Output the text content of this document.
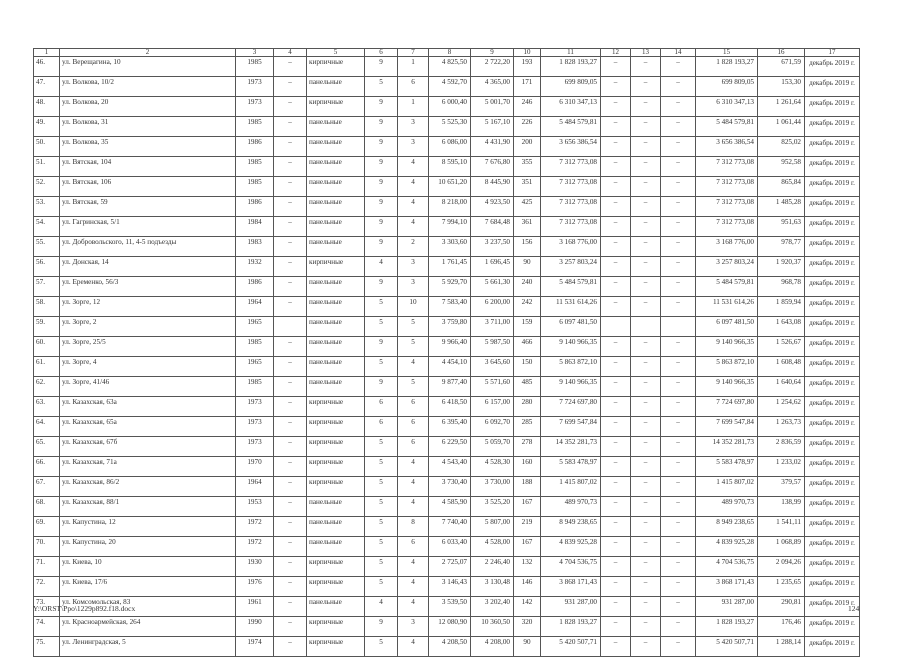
1	2	3	4	5	6	7	8	9	10	11	12	13	14	15	16	17
46.	ул. Верещагина, 10	1985	–	кирпичные	9	1	4 825,50	2 722,20	193	1 828 193,27	–	–	–	1 828 193,27	671,59	декабрь 2019 г.
47.	ул. Волкова, 10/2	1973	–	панельные	5	6	4 592,70	4 365,00	171	699 809,05	–	–	–	699 809,05	153,30	декабрь 2019 г.
48.	ул. Волкова, 20	1973	–	кирпичные	9	1	6 000,40	5 001,70	246	6 310 347,13	–	–	–	6 310 347,13	1 261,64	декабрь 2019 г.
49.	ул. Волкова, 31	1985	–	панельные	9	3	5 525,30	5 167,10	226	5 484 579,81	–	–	–	5 484 579,81	1 061,44	декабрь 2019 г.
50.	ул. Волкова, 35	1986	–	панельные	9	3	6 086,00	4 431,90	200	3 656 386,54	–	–	–	3 656 386,54	825,02	декабрь 2019 г.
51.	ул. Вятская, 104	1985	–	панельные	9	4	8 595,10	7 676,80	355	7 312 773,08	–	–	–	7 312 773,08	952,58	декабрь 2019 г.
52.	ул. Вятская, 106	1985	–	панельные	9	4	10 651,20	8 445,90	351	7 312 773,08	–	–	–	7 312 773,08	865,84	декабрь 2019 г.
53.	ул. Вятская, 59	1986	–	панельные	9	4	8 218,00	4 923,50	425	7 312 773,08	–	–	–	7 312 773,08	1 485,28	декабрь 2019 г.
54.	ул. Гагринская, 5/1	1984	–	панельные	9	4	7 994,10	7 684,48	361	7 312 773,08	–	–	–	7 312 773,08	951,63	декабрь 2019 г.
55.	ул. Добровольского, 11, 4-5 подъезды	1983	–	панельные	9	2	3 303,60	3 237,50	156	3 168 776,00	–	–	–	3 168 776,00	978,77	декабрь 2019 г.
56.	ул. Донская, 14	1932	–	кирпичные	4	3	1 761,45	1 696,45	90	3 257 803,24	–	–	–	3 257 803,24	1 920,37	декабрь 2019 г.
57.	ул. Еременко, 56/3	1986	–	панельные	9	3	5 929,70	5 661,30	240	5 484 579,81	–	–	–	5 484 579,81	968,78	декабрь 2019 г.
58.	ул. Зорге, 12	1964	–	панельные	5	10	7 583,40	6 200,00	242	11 531 614,26	–	–	–	11 531 614,26	1 859,94	декабрь 2019 г.
59.	ул. Зорге, 2	1965		панельные	5	5	3 759,80	3 711,00	159	6 097 481,50				6 097 481,50	1 643,08	декабрь 2019 г.
60.	ул. Зорге, 25/5	1985	–	панельные	9	5	9 966,40	5 987,50	466	9 140 966,35	–	–	–	9 140 966,35	1 526,67	декабрь 2019 г.
61.	ул. Зорге, 4	1965	–	панельные	5	4	4 454,10	3 645,60	150	5 863 872,10	–	–	–	5 863 872,10	1 608,48	декабрь 2019 г.
62.	ул. Зорге, 41/46	1985	–	панельные	9	5	9 877,40	5 571,60	485	9 140 966,35	–	–	–	9 140 966,35	1 640,64	декабрь 2019 г.
63.	ул. Казахская, 63а	1973	–	кирпичные	6	6	6 418,50	6 157,00	280	7 724 697,80	–	–	–	7 724 697,80	1 254,62	декабрь 2019 г.
64.	ул. Казахская, 65а	1973	–	кирпичные	6	6	6 395,40	6 092,70	285	7 699 547,84	–	–	–	7 699 547,84	1 263,73	декабрь 2019 г.
65.	ул. Казахская, 67б	1973	–	кирпичные	5	6	6 229,50	5 059,70	278	14 352 281,73	–	–	–	14 352 281,73	2 836,59	декабрь 2019 г.
66.	ул. Казахская, 71а	1970	–	кирпичные	5	4	4 543,40	4 528,30	160	5 583 478,97	–	–	–	5 583 478,97	1 233,02	декабрь 2019 г.
67.	ул. Казахская, 86/2	1964	–	кирпичные	5	4	3 730,40	3 730,00	188	1 415 807,02	–	–	–	1 415 807,02	379,57	декабрь 2019 г.
68.	ул. Казахская, 88/1	1953	–	панельные	5	4	4 585,90	3 525,20	167	489 970,73	–	–	–	489 970,73	138,99	декабрь 2019 г.
69.	ул. Капустина, 12	1972	–	панельные	5	8	7 740,40	5 807,00	219	8 949 238,65	–	–	–	8 949 238,65	1 541,11	декабрь 2019 г.
70.	ул. Капустина, 20	1972	–	панельные	5	6	6 033,40	4 528,00	167	4 839 925,28	–	–	–	4 839 925,28	1 068,89	декабрь 2019 г.
71.	ул. Киева, 10	1930	–	кирпичные	5	4	2 725,07	2 246,40	132	4 704 536,75	–	–	–	4 704 536,75	2 094,26	декабрь 2019 г.
72.	ул. Киева, 17/6	1976	–	кирпичные	5	4	3 146,43	3 130,48	146	3 868 171,43	–	–	–	3 868 171,43	1 235,65	декабрь 2019 г.
73.	ул. Комсомольская, 83	1961	–	панельные	4	4	3 539,50	3 202,40	142	931 287,00	–	–	–	931 287,00	290,81	декабрь 2019 г.
74.	ул. Красноармейская, 264	1990	–	кирпичные	9	3	12 080,90	10 360,50	320	1 828 193,27	–	–	–	1 828 193,27	176,46	декабрь 2019 г.
75.	ул. Ленинградская, 5	1974	–	кирпичные	5	4	4 208,50	4 208,00	90	5 420 507,71	–	–	–	5 420 507,71	1 288,14	декабрь 2019 г.
Y:\ORST\Ppo\1229p892.f18.docx	124
